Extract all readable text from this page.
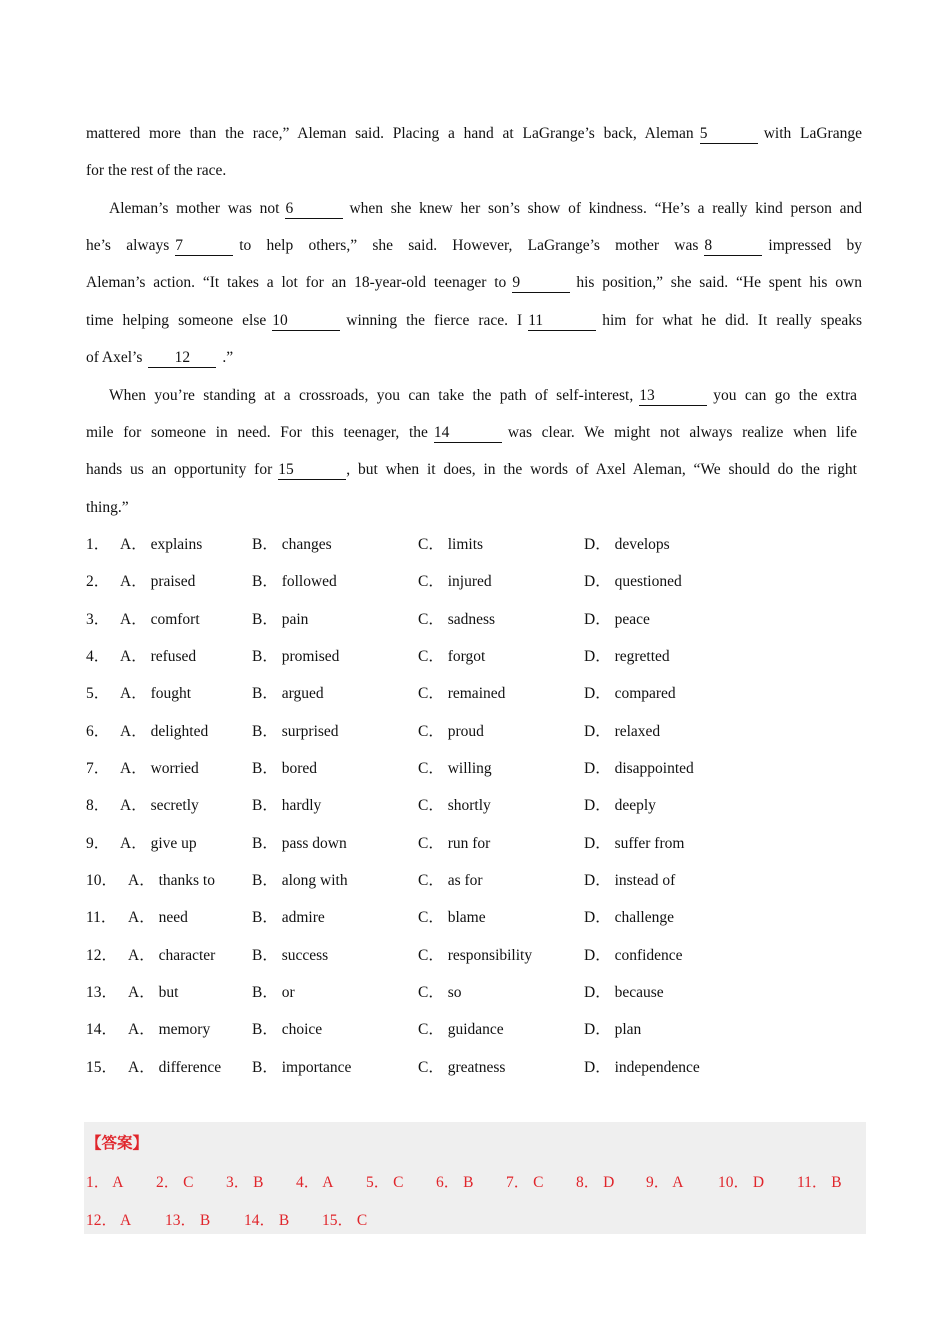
mattered more than the race,” Aleman said. Placing a hand at LaGrange’s back, Aleman 5	with LaGrange
for the rest of the race.
Aleman’s mother was not 6	when she knew her son’s show of kindness. “He’s a really kind person and
he’s always 7	to help others,” she said. However, LaGrange’s mother was 8	impressed by
Aleman’s action. “It takes a lot for an 18-year-old teenager to 9	his position,” she said. “He spent his own
time helping someone else 10	winning the fierce race. I 11	him for what he did. It really speaks
of Axel’s 12 .”
When you’re standing at a crossroads, you can take the path of self-interest, 13	you can go the extra
mile for someone in need. For this teenager, the 14	was clear. We might not always realize when life
hands us an opportunity for 15	, but when it does, in the words of Axel Aleman, “We should do the right
thing.”
1． A． explains	B． changes	C． limits	D． develops
2． A． praised	B． followed	C． injured	D． questioned
3． A． comfort	B． pain	C． sadness	D． peace
4． A． refused	B． promised	C． forgot	D． regretted
5． A． fought	B． argued	C． remained	D． compared
6． A． delighted	B． surprised	C． proud	D． relaxed
7． A． worried	B． bored	C． willing	D． disappointed
8． A． secretly	B． hardly	C． shortly	D． deeply
9． A． give up	B． pass down	C． run for	D． suffer from
10． A． thanks to B． along with	C． as for	D． instead of
11． A． need	B． admire	C． blame	D． challenge
12． A． character B． success	C． responsibility	D． confidence
13． A． but	B． or	C． so	D． because
14． A． memory	B． choice	C． guidance	D． plan
15． A． difference B． importance	C． greatness	D． independence
【答案】
1． A 2． C 3． B 4． A 5． C 6． B 7． C 8． D 9． A 10． D 11． B
12． A 13． B 14． B 15． C
